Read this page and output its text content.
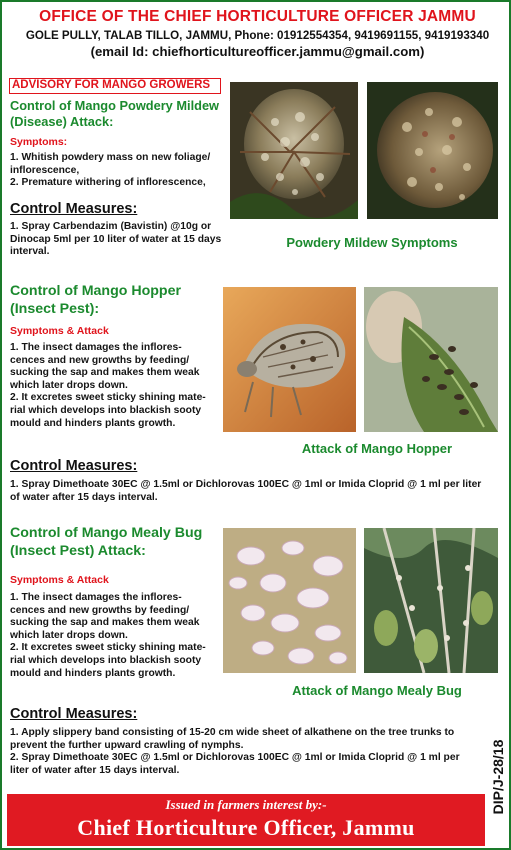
OFFICE OF THE CHIEF HORTICULTURE OFFICER JAMMU
GOLE PULLY, TALAB TILLO, JAMMU, Phone: 01912554354, 9419691155, 9419193340
(email Id: chiefhorticultureofficer.jammu@gmail.com)
ADVISORY FOR MANGO GROWERS
Control of Mango Powdery Mildew
(Disease) Attack:
Symptoms:
1. Whitish powdery mass on new foliage/
inflorescence,
2. Premature withering of inflorescence,
Control Measures:
1. Spray Carbendazim (Bavistin) @10g or
Dinocap 5ml per 10 liter of water at 15 days
interval.
Powdery Mildew Symptoms
Control of Mango Hopper
(Insect Pest):
Symptoms & Attack
1. The insect damages the inflores-
cences and new growths by feeding/
sucking the sap and makes them weak
which later drops down.
2. It excretes sweet sticky shining mate-
rial which develops into blackish sooty
mould and hinders plants growth.
Control Measures:
1. Spray Dimethoate 30EC @ 1.5ml or Dichlorovas 100EC @ 1ml or Imida Cloprid @ 1 ml per liter
of water after 15 days interval.
Attack of Mango Hopper
Control of Mango Mealy Bug
(Insect Pest) Attack:
Symptoms & Attack
1. The insect damages the inflores-
cences and new growths by feeding/
sucking the sap and makes them weak
which later drops down.
2. It excretes sweet sticky shining mate-
rial which develops into blackish sooty
mould and hinders plants growth.
Control Measures:
1. Apply slippery band consisting of 15-20 cm wide sheet of alkathene on the tree trunks to
prevent the further upward crawling of nymphs.
2. Spray Dimethoate 30EC @ 1.5ml or Dichlorovas 100EC @ 1ml or Imida Cloprid @ 1 ml per
liter of water after 15 days interval.
Attack of Mango Mealy Bug
DIP/J-28/18
Issued in farmers interest by:-
Chief Horticulture Officer, Jammu
